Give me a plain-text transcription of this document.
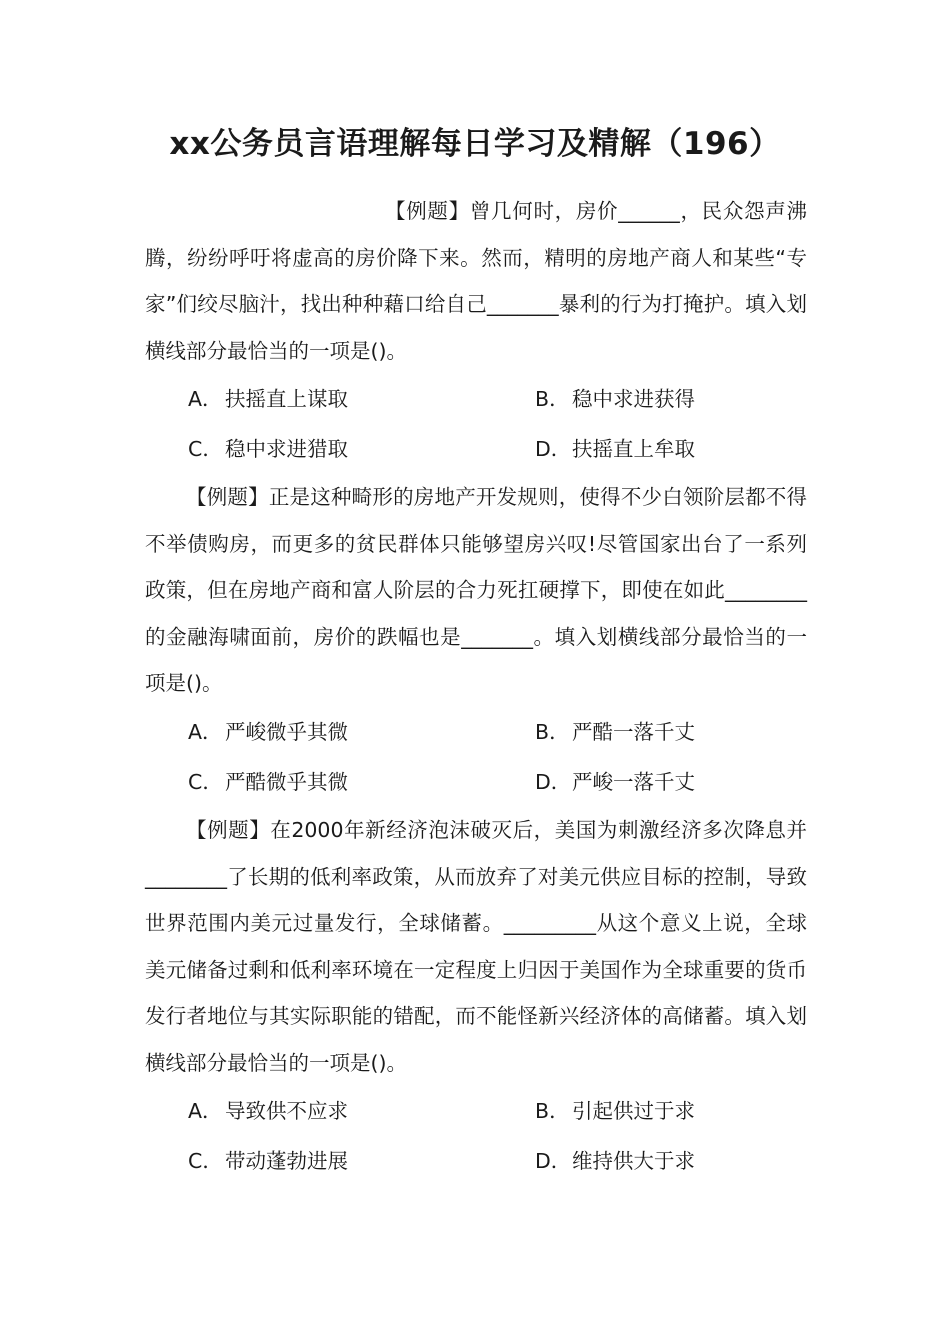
xx公务员言语理解每日学习及精解（196）

【例题】曾几何时，房价______，民众怨声沸腾，纷纷呼吁将虚高的房价降下来。然而，精明的房地产商人和某些“专家”们绞尽脑汁，找出种种藉口给自己_______暴利的行为打掩护。填入划横线部分最恰当的一项是()。

A． 扶摇直上谋取	B． 稳中求进获得
C． 稳中求进猎取	D．扶摇直上牟取

【例题】正是这种畸形的房地产开发规则，使得不少白领阶层都不得不举债购房，而更多的贫民群体只能够望房兴叹!尽管国家出台了一系列政策，但在房地产商和富人阶层的合力死扛硬撑下，即使在如此________的金融海啸面前，房价的跌幅也是_______。填入划横线部分最恰当的一项是()。

A． 严峻微乎其微	B． 严酷一落千丈
C． 严酷微乎其微	D．严峻一落千丈

【例题】在2000年新经济泡沫破灭后，美国为刺激经济多次降息并________了长期的低利率政策，从而放弃了对美元供应目标的控制，导致世界范围内美元过量发行，全球储蓄。_________从这个意义上说，全球美元储备过剩和低利率环境在一定程度上归因于美国作为全球重要的货币发行者地位与其实际职能的错配，而不能怪新兴经济体的高储蓄。填入划横线部分最恰当的一项是()。

A． 导致供不应求	B． 引起供过于求
C． 带动蓬勃进展	D．维持供大于求
